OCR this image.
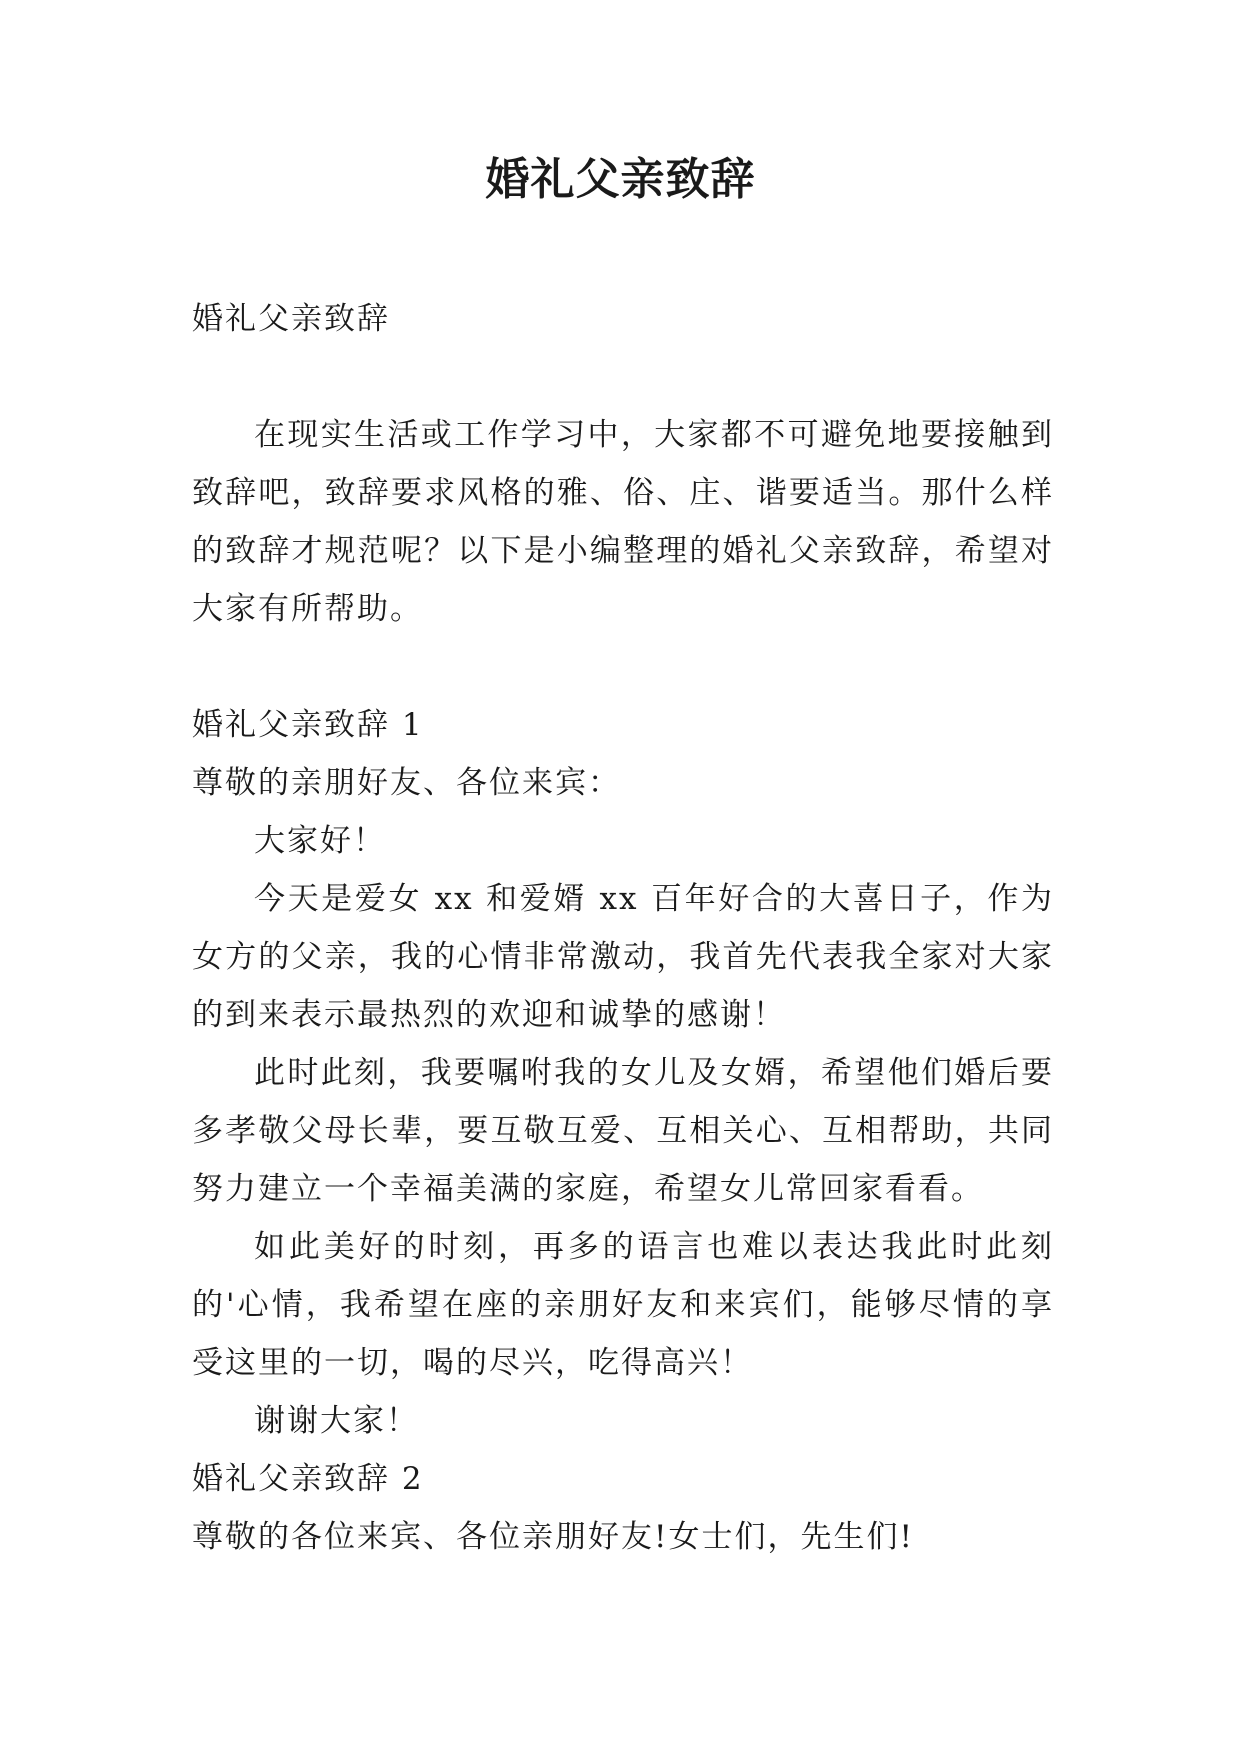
婚礼父亲致辞

婚礼父亲致辞

在现实生活或工作学习中，大家都不可避免地要接触到致辞吧，致辞要求风格的雅、俗、庄、谐要适当。那什么样的致辞才规范呢？以下是小编整理的婚礼父亲致辞，希望对大家有所帮助。

婚礼父亲致辞 1

尊敬的亲朋好友、各位来宾：

大家好！

今天是爱女 xx 和爱婿 xx 百年好合的大喜日子，作为女方的父亲，我的心情非常激动，我首先代表我全家对大家的到来表示最热烈的欢迎和诚挚的感谢！

此时此刻，我要嘱咐我的女儿及女婿，希望他们婚后要多孝敬父母长辈，要互敬互爱、互相关心、互相帮助，共同努力建立一个幸福美满的家庭，希望女儿常回家看看。

如此美好的时刻，再多的语言也难以表达我此时此刻的'心情，我希望在座的亲朋好友和来宾们，能够尽情的享受这里的一切，喝的尽兴，吃得高兴！

谢谢大家！

婚礼父亲致辞 2

尊敬的各位来宾、各位亲朋好友!女士们，先生们!
